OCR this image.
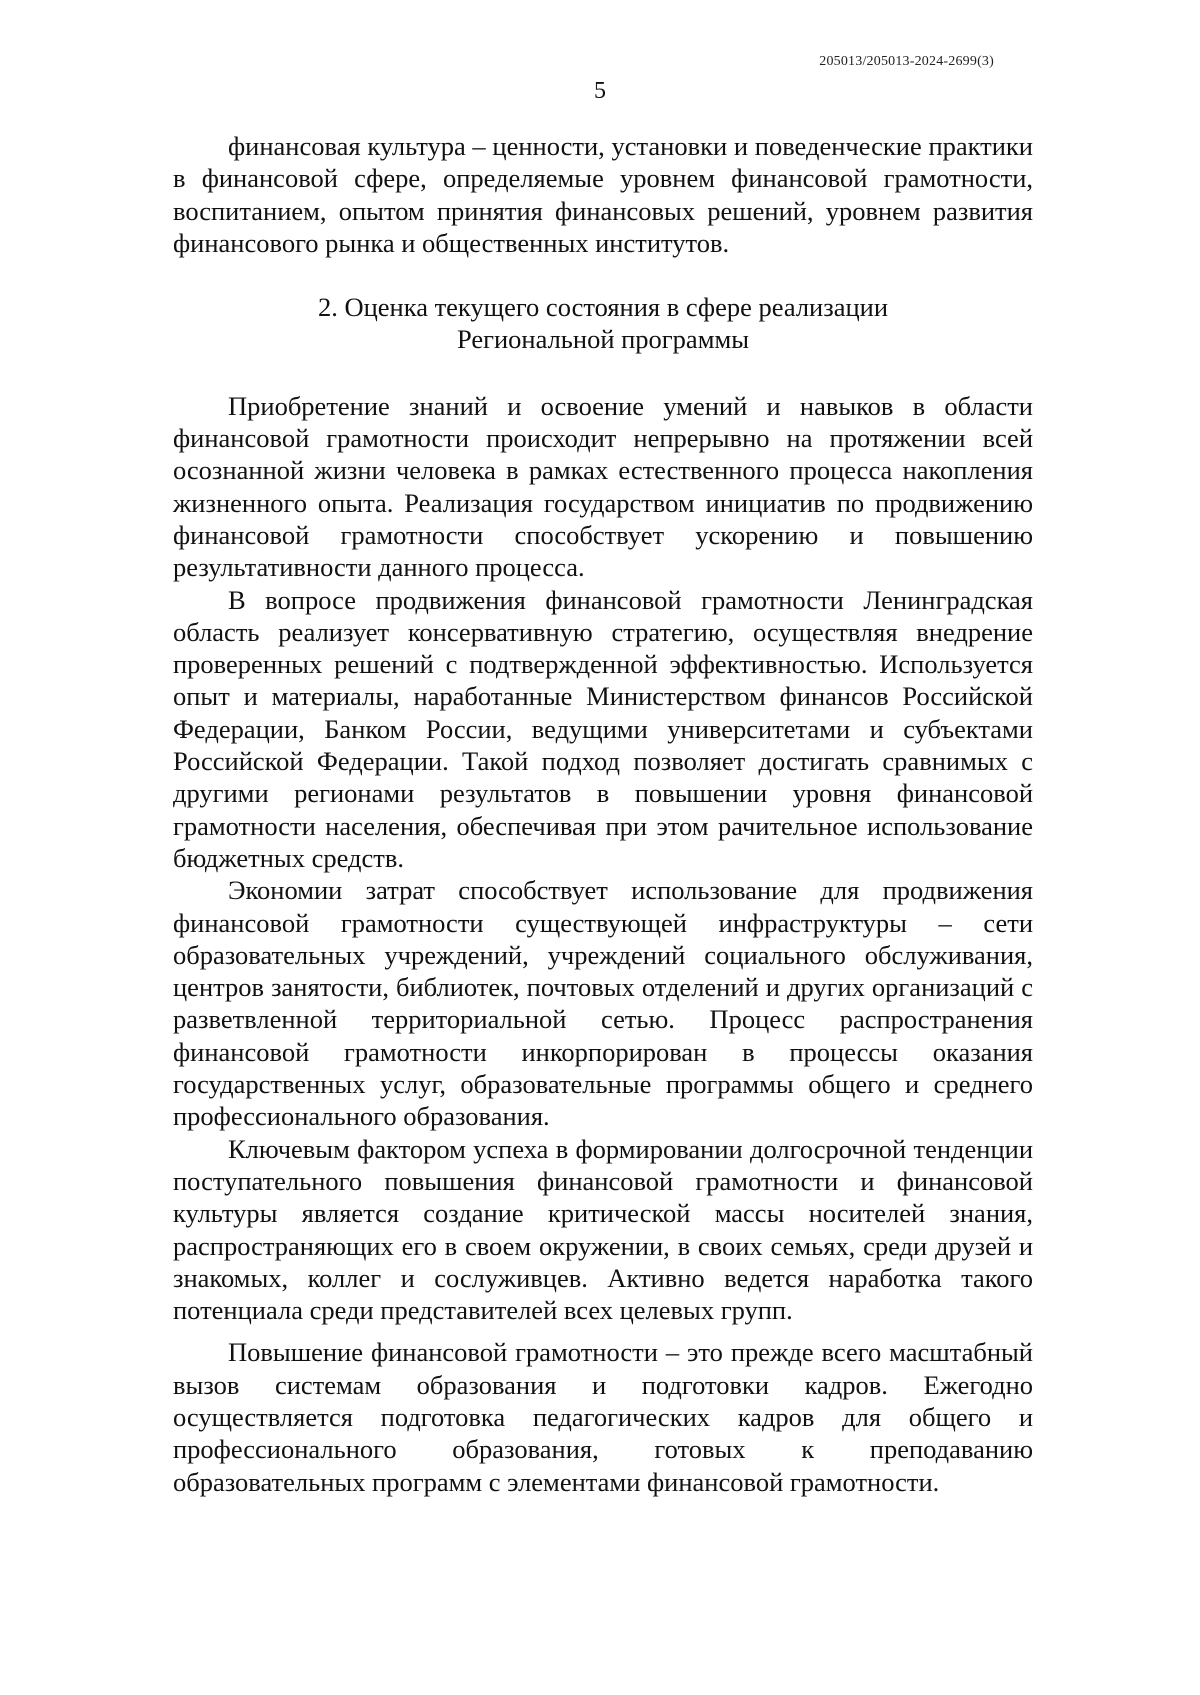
205013/205013-2024-2699(3)
5

финансовая культура – ценности, установки и поведенческие практики в финансовой сфере, определяемые уровнем финансовой грамотности, воспитанием, опытом принятия финансовых решений, уровнем развития финансового рынка и общественных институтов.

2. Оценка текущего состояния в сфере реализации
Региональной программы

Приобретение знаний и освоение умений и навыков в области финансовой грамотности происходит непрерывно на протяжении всей осознанной жизни человека в рамках естественного процесса накопления жизненного опыта. Реализация государством инициатив по продвижению финансовой грамотности способствует ускорению и повышению результативности данного процесса.

В вопросе продвижения финансовой грамотности Ленинградская область реализует консервативную стратегию, осуществляя внедрение проверенных решений с подтвержденной эффективностью. Используется опыт и материалы, наработанные Министерством финансов Российской Федерации, Банком России, ведущими университетами и субъектами Российской Федерации. Такой подход позволяет достигать сравнимых с другими регионами результатов в повышении уровня финансовой грамотности населения, обеспечивая при этом рачительное использование бюджетных средств.

Экономии затрат способствует использование для продвижения финансовой грамотности существующей инфраструктуры – сети образовательных учреждений, учреждений социального обслуживания, центров занятости, библиотек, почтовых отделений и других организаций с разветвленной территориальной сетью. Процесс распространения финансовой грамотности инкорпорирован в процессы оказания государственных услуг, образовательные программы общего и среднего профессионального образования.

Ключевым фактором успеха в формировании долгосрочной тенденции поступательного повышения финансовой грамотности и финансовой культуры является создание критической массы носителей знания, распространяющих его в своем окружении, в своих семьях, среди друзей и знакомых, коллег и сослуживцев. Активно ведется наработка такого потенциала среди представителей всех целевых групп.

Повышение финансовой грамотности – это прежде всего масштабный вызов системам образования и подготовки кадров. Ежегодно осуществляется подготовка педагогических кадров для общего и профессионального образования, готовых к преподаванию образовательных программ с элементами финансовой грамотности.
